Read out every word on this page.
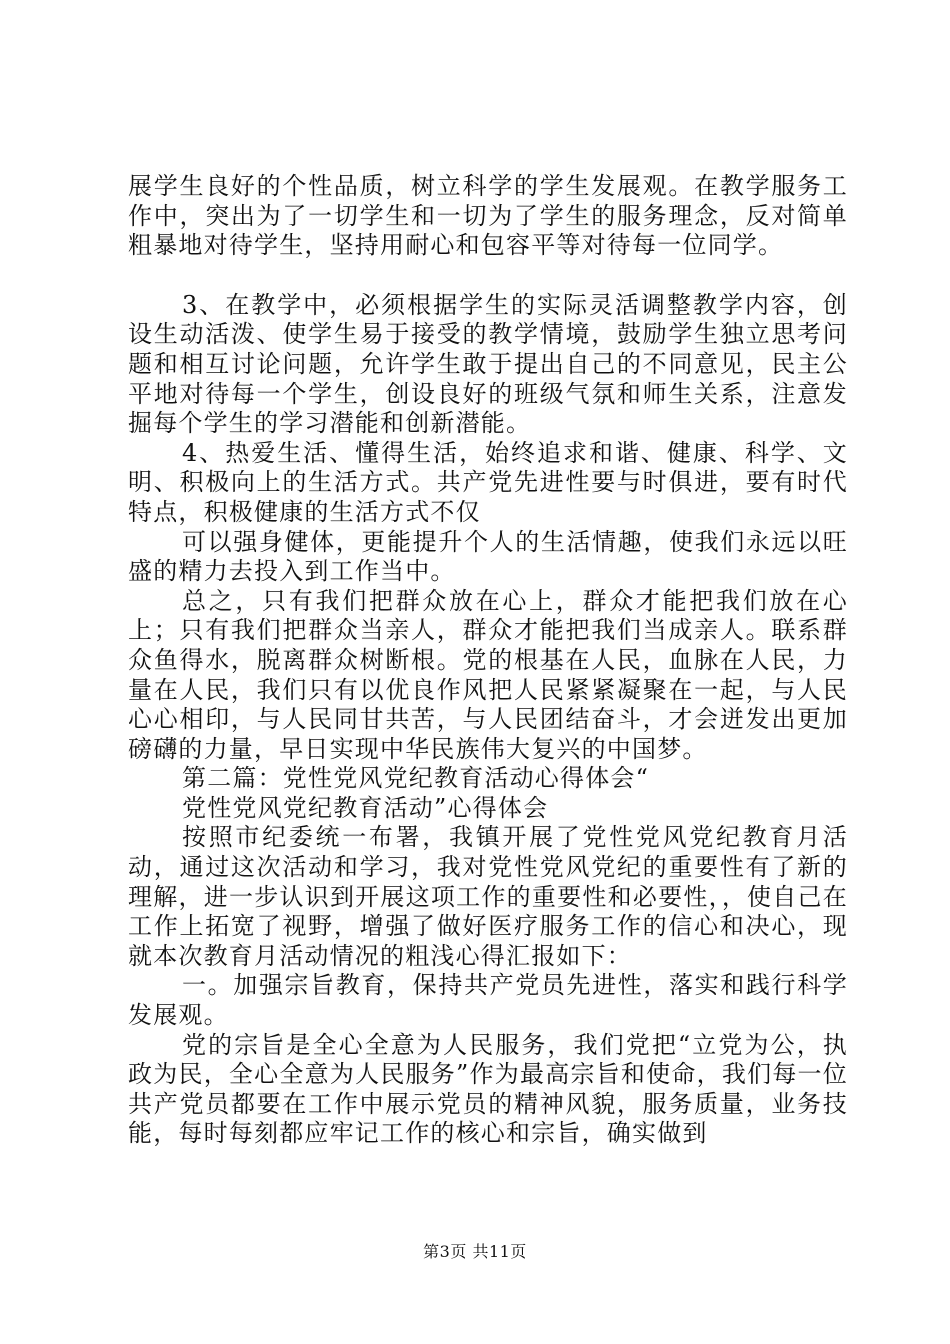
展学生良好的个性品质，树立科学的学生发展观。在教学服务工作中，突出为了一切学生和一切为了学生的服务理念，反对简单粗暴地对待学生，坚持用耐心和包容平等对待每一位同学。

3、在教学中，必须根据学生的实际灵活调整教学内容，创设生动活泼、使学生易于接受的教学情境，鼓励学生独立思考问题和相互讨论问题，允许学生敢于提出自己的不同意见，民主公平地对待每一个学生，创设良好的班级气氛和师生关系，注意发掘每个学生的学习潜能和创新潜能。

4、热爱生活、懂得生活，始终追求和谐、健康、科学、文明、积极向上的生活方式。共产党先进性要与时俱进，要有时代特点，积极健康的生活方式不仅

可以强身健体，更能提升个人的生活情趣，使我们永远以旺盛的精力去投入到工作当中。

总之，只有我们把群众放在心上，群众才能把我们放在心上；只有我们把群众当亲人，群众才能把我们当成亲人。联系群众鱼得水，脱离群众树断根。党的根基在人民，血脉在人民，力量在人民，我们只有以优良作风把人民紧紧凝聚在一起，与人民心心相印，与人民同甘共苦，与人民团结奋斗，才会迸发出更加磅礴的力量，早日实现中华民族伟大复兴的中国梦。

第二篇：党性党风党纪教育活动心得体会“

党性党风党纪教育活动”心得体会

按照市纪委统一布署，我镇开展了党性党风党纪教育月活动，通过这次活动和学习，我对党性党风党纪的重要性有了新的理解，进一步认识到开展这项工作的重要性和必要性，，使自己在工作上拓宽了视野，增强了做好医疗服务工作的信心和决心，现就本次教育月活动情况的粗浅心得汇报如下：

一。加强宗旨教育，保持共产党员先进性，落实和践行科学发展观。

党的宗旨是全心全意为人民服务，我们党把“立党为公，执政为民，全心全意为人民服务”作为最高宗旨和使命，我们每一位共产党员都要在工作中展示党员的精神风貌，服务质量，业务技能，每时每刻都应牢记工作的核心和宗旨，确实做到

第3页 共11页
